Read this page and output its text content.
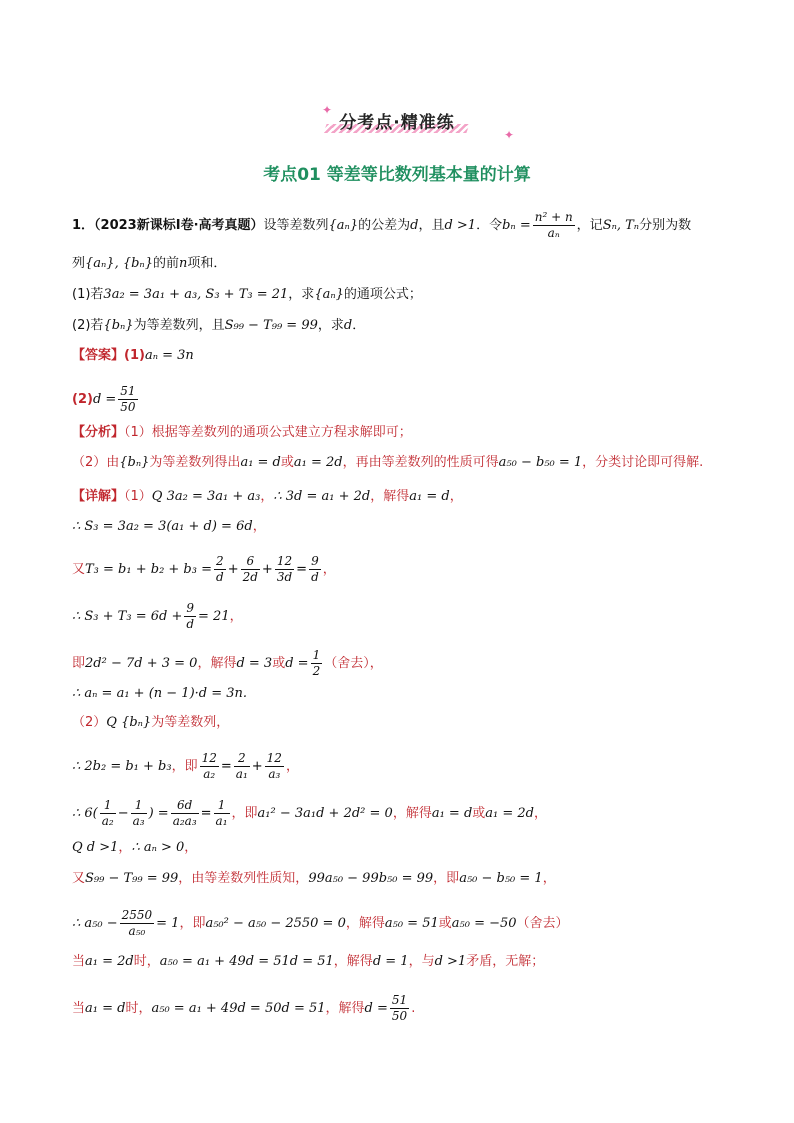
分考点·精准练
✦
✦
考点01 等差等比数列基本量的计算
1．（2023新课标Ⅰ卷·高考真题）设等差数列{aₙ}的公差为d，且d >1．令$b_n = \frac{\text{n² + n}}{\text{aₙ}}$ ，记Sₙ, Tₙ分别为数
列{aₙ}, {bₙ}的前n项和．
(1)若3a₂ = 3a₁ + a₃, S₃ + T₃ = 21，求{aₙ}的通项公式；
(2)若{bₙ}为等差数列，且S₉₉ − T₉₉ = 99，求d．
【答案】(1)aₙ = 3n
$(2)d = \frac{51}{50}$
【分析】（1）根据等差数列的通项公式建立方程求解即可；
（2）由{bₙ}为等差数列得出a₁ = d或a₁ = 2d，再由等差数列的性质可得a₅₀ − b₅₀ = 1，分类讨论即可得解.
【详解】（1）Q 3a₂ = 3a₁ + a₃，∴ 3d = a₁ + 2d，解得a₁ = d，
∴ S₃ = 3a₂ = 3(a₁ + d) = 6d，
又$T_3 = b_1 + b_2 + b_3 = \frac{2}{d} + \frac{6}{2d} + \frac{12}{3d} = \frac{9}{d}$ ，
∴ $S_3 + T_3 = 6d + \frac{9}{d} = 21$，
即2d² − 7d + 3 = 0，解得d = 3或$d = \frac{1}{2}$ （舍去），
∴ aₙ = a₁ + (n − 1)·d = 3n.
（2）Q {bₙ}为等差数列，
∴ 2b₂ = b₁ + b₃，即 $\frac{12}{\text{a₂}} = \frac{2}{\text{a₁}} + \frac{12}{\text{a₃}}$ ，
∴ $6( \frac{1}{\text{a₂}} - \frac{1}{\text{a₃}}$ ) = $\frac{6d}{\text{a₂a₃}} = \frac{1}{\text{a₁}}$ ，即a₁² − 3a₁d + 2d² = 0，解得a₁ = d或a₁ = 2d，
Q d >1，∴ aₙ > 0，
又S₉₉ − T₉₉ = 99，由等差数列性质知，99a₅₀ − 99b₅₀ = 99，即a₅₀ − b₅₀ = 1，
∴ $a_{50} - \frac{2550}{\text{a₅₀}} = 1$，即a₅₀² − a₅₀ − 2550 = 0，解得a₅₀ = 51或a₅₀ = −50（舍去）
当a₁ = 2d时，a₅₀ = a₁ + 49d = 51d = 51，解得d = 1，与d >1矛盾，无解；
当a₁ = d时，a₅₀ = a₁ + 49d = 50d = 51，解得$d = \frac{51}{50}$ .
